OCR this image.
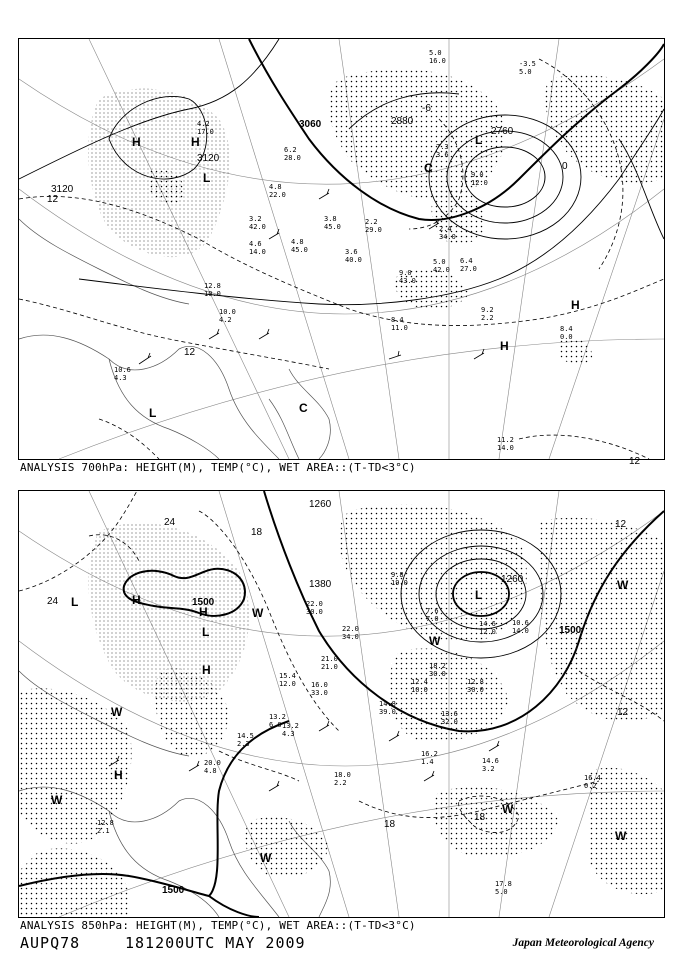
3120
3120
3060	2880
2760
12
12
12
0
-6
H	H
L
L
H
H
L	C
C
4.2
17.0
6.2
28.0
4.8
22.0
3.2
42.0
4.6
14.0
4.8
45.0
3.8
45.0
2.2
29.0
3.6
40.0	5.0
42.0
9.0
43.0
6.4
27.0
12.8
10.0
10.0
4.2	8.4
11.0
9.2
2.2
8.4
0.0
10.6
4.3
11.2
14.0
9.0
12.0
7.3
3.6
2.4
34.0
-3.5
5.0
5.0
16.0
ANALYSIS 700hPa: HEIGHT(M), TEMP(°C), WET AREA::(T-TD<3°C)
1500
1500
1500
1380	1260
1260
24
24
18
18
18
12
12
H
L
H
L
H
H
L
W
W
W
W
W
W
W
W
15.4
12.0
22.0
30.0
18.2
30.0
14.8
39.0
16.0
33.0
13.6
32.0
12.4
10.0
16.2
1.4
17.8
5.0
13.2
6.0
12.8
30.0
14.6
3.2
16.4
0.2
20.0
4.8
12.8
2.1
10.6
14.0
14.6
12.0
9.8
19.0
18.0
2.2
14.5
2.3
13.2
4.3
21.0
21.0
22.0
34.0
7.6
7.0
ANALYSIS 850hPa: HEIGHT(M), TEMP(°C), WET AREA::(T-TD<3°C)
AUPQ78	181200UTC MAY 2009	Japan Meteorological Agency
